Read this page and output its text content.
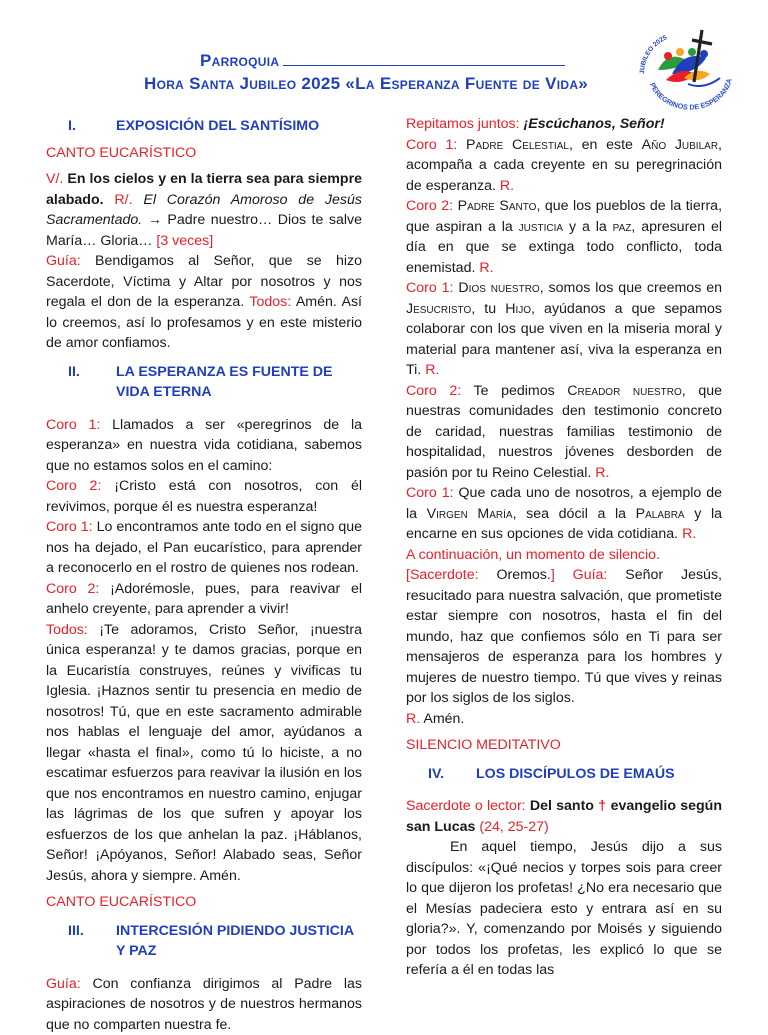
Parroquia
Hora Santa Jubileo 2025 «La Esperanza Fuente de Vida»
JUBILEO 2025
PEREGRINOS DE ESPERANZA
I.	EXPOSICIÓN DEL SANTÍSIMO

CANTO EUCARÍSTICO

V/. En los cielos y en la tierra sea para siempre alabado. R/. El Corazón Amoroso de Jesús Sacramentado. → Padre nuestro… Dios te salve María… Gloria… [3 veces]

Guía: Bendigamos al Señor, que se hizo Sacerdote, Víctima y Altar por nosotros y nos regala el don de la esperanza. Todos: Amén. Así lo creemos, así lo profesamos y en este misterio de amor confiamos.

II.	LA ESPERANZA ES FUENTE DE VIDA ETERNA

Coro 1: Llamados a ser «peregrinos de la esperanza» en nuestra vida cotidiana, sabemos que no estamos solos en el camino:

Coro 2: ¡Cristo está con nosotros, con él revivimos, porque él es nuestra esperanza!

Coro 1: Lo encontramos ante todo en el signo que nos ha dejado, el Pan eucarístico, para aprender a reconocerlo en el rostro de quienes nos rodean.

Coro 2: ¡Adorémosle, pues, para reavivar el anhelo creyente, para aprender a vivir!

Todos: ¡Te adoramos, Cristo Señor, ¡nuestra única esperanza! y te damos gracias, porque en la Eucaristía construyes, reúnes y vivificas tu Iglesia. ¡Haznos sentir tu presencia en medio de nosotros! Tú, que en este sacramento admirable nos hablas el lenguaje del amor, ayúdanos a llegar «hasta el final», como tú lo hiciste, a no escatimar esfuerzos para reavivar la ilusión en los que nos encontramos en nuestro camino, enjugar las lágrimas de los que sufren y apoyar los esfuerzos de los que anhelan la paz. ¡Háblanos, Señor! ¡Apóyanos, Señor! Alabado seas, Señor Jesús, ahora y siempre. Amén.

CANTO EUCARÍSTICO

III.	INTERCESIÓN PIDIENDO JUSTICIA Y PAZ

Guía: Con confianza dirigimos al Padre las aspiraciones de nosotros y de nuestros hermanos que no comparten nuestra fe.

Repitamos juntos: ¡Escúchanos, Señor!

Coro 1: Padre Celestial, en este Año Jubilar, acompaña a cada creyente en su peregrinación de esperanza. R.

Coro 2: Padre Santo, que los pueblos de la tierra, que aspiran a la justicia y a la paz, apresuren el día en que se extinga todo conflicto, toda enemistad. R.

Coro 1: Dios nuestro, somos los que creemos en Jesucristo, tu Hijo, ayúdanos a que sepamos colaborar con los que viven en la miseria moral y material para mantener así, viva la esperanza en Ti. R.

Coro 2: Te pedimos Creador nuestro, que nuestras comunidades den testimonio concreto de caridad, nuestras familias testimonio de hospitalidad, nuestros jóvenes desborden de pasión por tu Reino Celestial. R.

Coro 1: Que cada uno de nosotros, a ejemplo de la Virgen María, sea dócil a la Palabra y la encarne en sus opciones de vida cotidiana. R.

A continuación, un momento de silencio.

[Sacerdote: Oremos.] Guía: Señor Jesús, resucitado para nuestra salvación, que prometiste estar siempre con nosotros, hasta el fin del mundo, haz que confiemos sólo en Ti para ser mensajeros de esperanza para los hombres y mujeres de nuestro tiempo. Tú que vives y reinas por los siglos de los siglos.

R. Amén.

SILENCIO MEDITATIVO

IV.	LOS DISCÍPULOS DE EMAÚS

Sacerdote o lector: Del santo † evangelio según san Lucas (24, 25-27)

En aquel tiempo, Jesús dijo a sus discípulos: «¡Qué necios y torpes sois para creer lo que dijeron los profetas! ¿No era necesario que el Mesías padeciera esto y entrara así en su gloria?». Y, comenzando por Moisés y siguiendo por todos los profetas, les explicó lo que se refería a él en todas las
